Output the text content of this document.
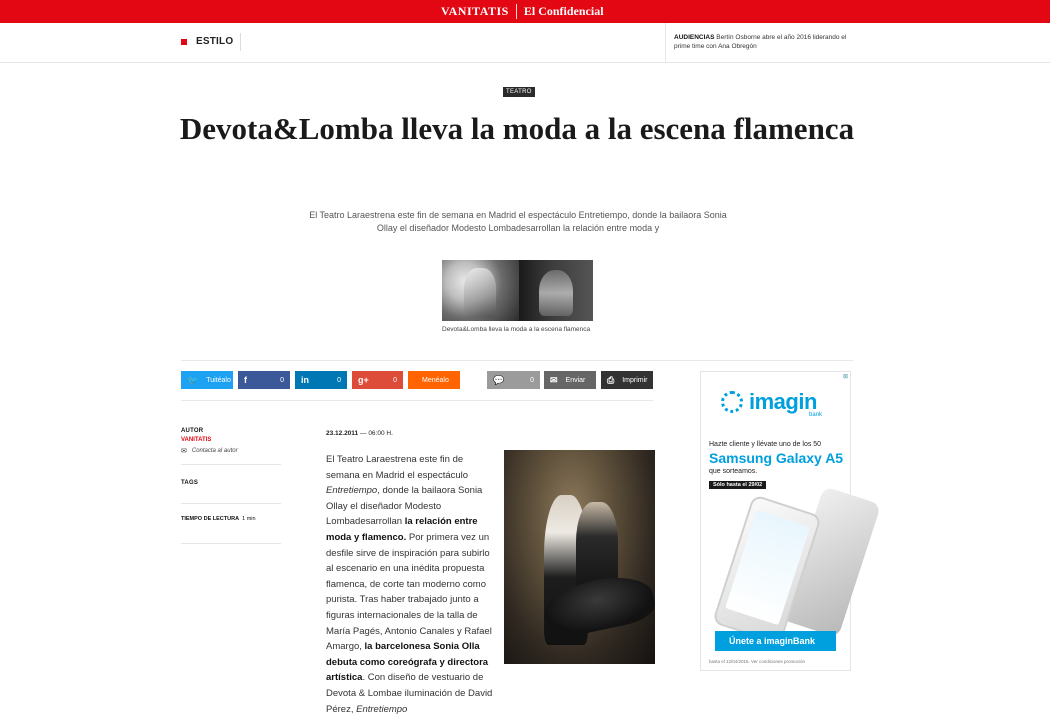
VANITATIS El Confidencial
ESTILO	AUDIENCIAS Bertín Osborne abre el año 2016 liderando el prime time con Ana Obregón
TEATRO
Devota&Lomba lleva la moda a la escena flamenca

El Teatro Laraestrena este fin de semana en Madrid el espectáculo Entretiempo, donde la bailaora Sonia Ollay el diseñador Modesto Lombadesarrollan la relación entre moda y

Devota&Lomba lleva la moda a la escena flamenca
🐦 Tuitéalo f	0 in	0 g+	0	Menéalo	💬	0 ✉ Enviar ⎙ Imprimir
AUTOR
VANITATIS
✉ Contacta al autor
TAGS
TIEMPO DE LECTURA 1 min
23.12.2011 — 06:00 H.
El Teatro Laraestrena este fin de semana en Madrid el espectáculo Entretiempo, donde la bailaora Sonia Ollay el diseñador Modesto Lombadesarrollan la relación entre moda y flamenco. Por primera vez un desfile sirve de inspiración para subirlo al escenario en una inédita propuesta flamenca, de corte tan moderno como purista. Tras haber trabajado junto a figuras internacionales de la talla de María Pagés, Antonio Canales y Rafael Amargo, la barcelonesa Sonia Olla debuta como coreógrafa y directora artística. Con diseño de vestuario de Devota & Lombae iluminación de David Pérez, Entretiempo
⊠
imagin
bank
Hazte cliente y llévate uno de los 50
Samsung Galaxy A5
que sorteamos.
Sólo hasta el 29/02
Únete a imaginBank
hasta el 12/04/2016. Ver condiciones promoción
